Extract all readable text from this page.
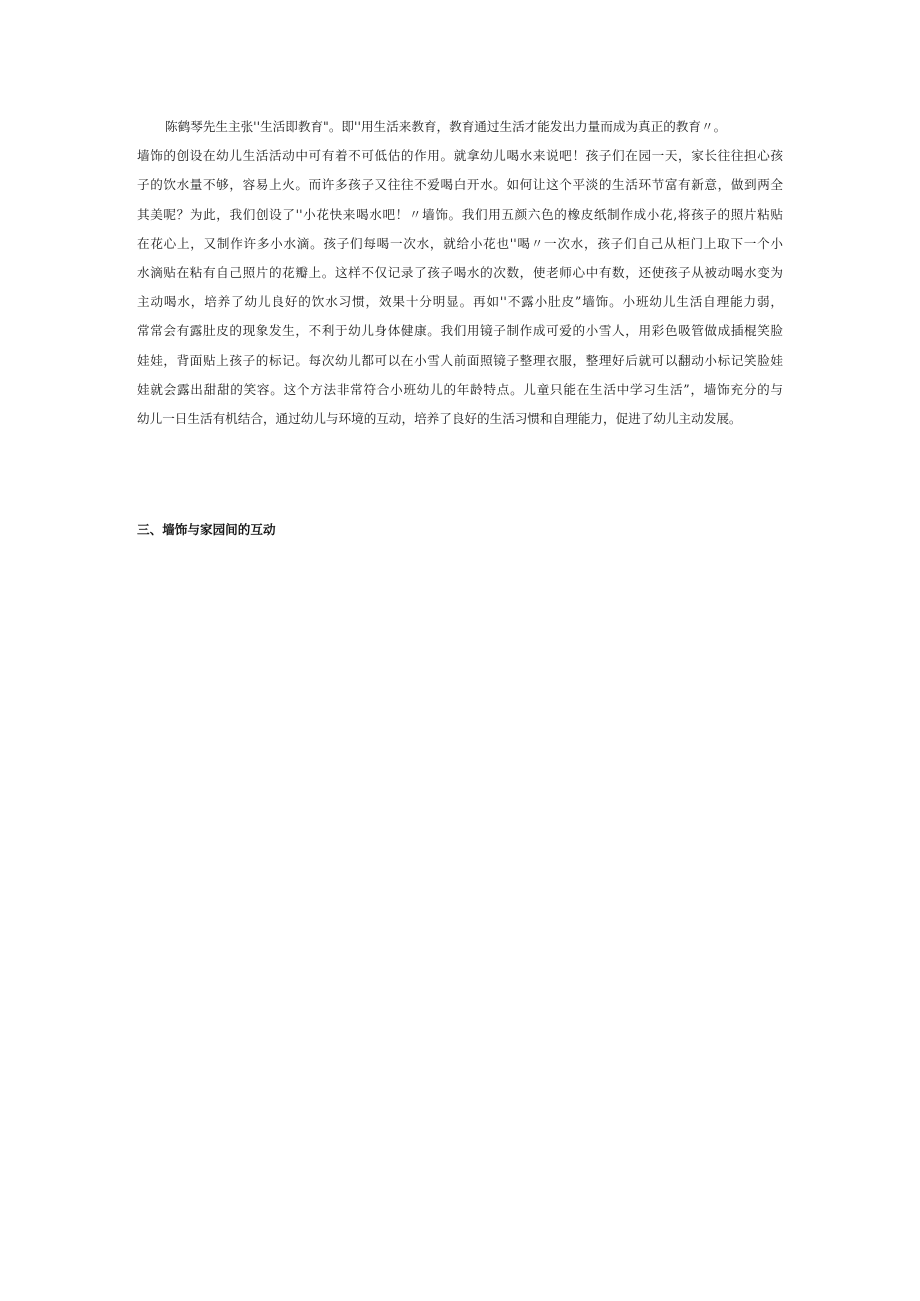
陈鹤琴先生主张''生活即教育"。即''用生活来教育，教育通过生活才能发出力量而成为真正的教育〃。
墙饰的创设在幼儿生活活动中可有着不可低估的作用。就拿幼儿喝水来说吧！孩子们在园一天，家长往往担心孩
子的饮水量不够，容易上火。而许多孩子又往往不爱喝白开水。如何让这个平淡的生活环节富有新意，做到两全
其美呢？为此，我们创设了''小花快来喝水吧！〃墙饰。我们用五颜六色的橡皮纸制作成小花,将孩子的照片粘贴
在花心上，又制作许多小水滴。孩子们每喝一次水，就给小花也''喝〃一次水，孩子们自己从柜门上取下一个小
水滴贴在粘有自己照片的花瓣上。这样不仅记录了孩子喝水的次数，使老师心中有数，还使孩子从被动喝水变为
主动喝水，培养了幼儿良好的饮水习惯，效果十分明显。再如''不露小肚皮”墙饰。小班幼儿生活自理能力弱，
常常会有露肚皮的现象发生，不利于幼儿身体健康。我们用镜子制作成可爱的小雪人，用彩色吸管做成插棍笑脸
娃娃，背面贴上孩子的标记。每次幼儿都可以在小雪人前面照镜子整理衣服，整理好后就可以翻动小标记笑脸娃
娃就会露出甜甜的笑容。这个方法非常符合小班幼儿的年龄特点。儿童只能在生活中学习生活”，墙饰充分的与
幼儿一日生活有机结合，通过幼儿与环境的互动，培养了良好的生活习惯和自理能力，促进了幼儿主动发展。
三、墙饰与家园间的互动
